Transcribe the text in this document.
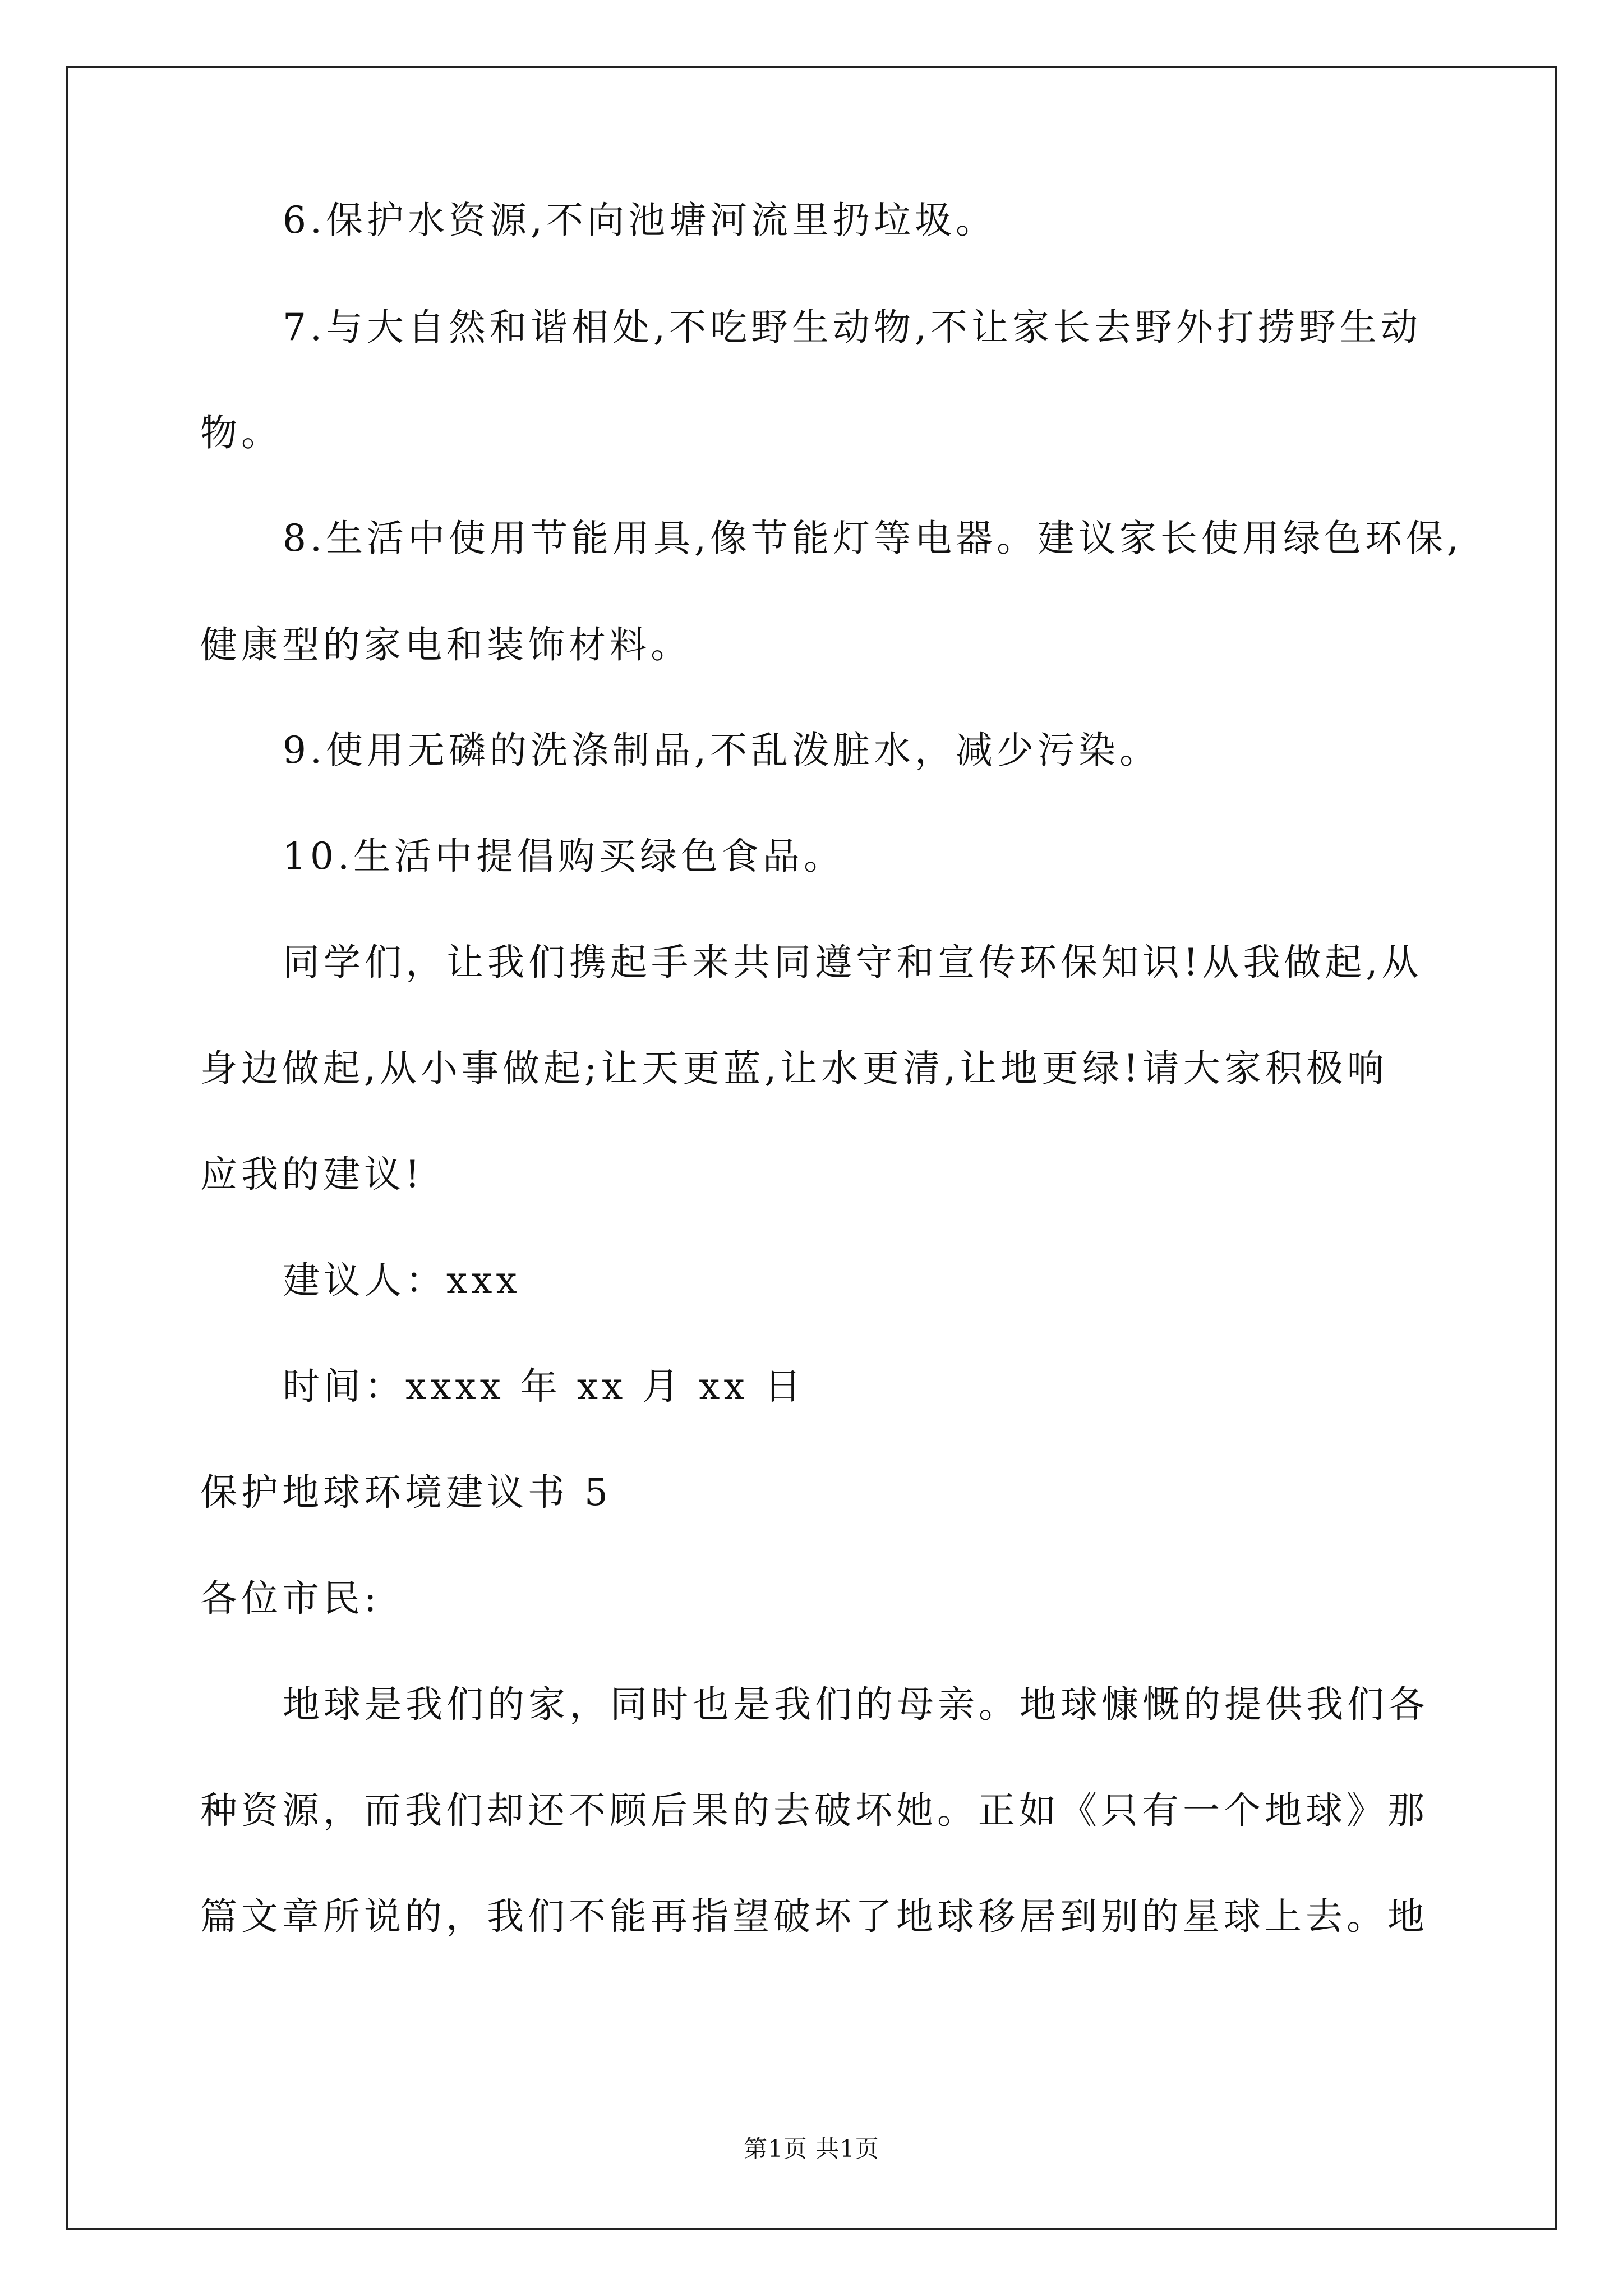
6.保护水资源,不向池塘河流里扔垃圾。
7.与大自然和谐相处,不吃野生动物,不让家长去野外打捞野生动
物。
8.生活中使用节能用具,像节能灯等电器。建议家长使用绿色环保,
健康型的家电和装饰材料。
9.使用无磷的洗涤制品,不乱泼脏水，减少污染。
10.生活中提倡购买绿色食品。
同学们，让我们携起手来共同遵守和宣传环保知识!从我做起,从
身边做起,从小事做起;让天更蓝,让水更清,让地更绿!请大家积极响
应我的建议!
建议人：xxx
时间：xxxx 年 xx 月 xx 日
保护地球环境建议书 5
各位市民:
地球是我们的家，同时也是我们的母亲。地球慷慨的提供我们各
种资源，而我们却还不顾后果的去破坏她。正如《只有一个地球》那
篇文章所说的，我们不能再指望破坏了地球移居到别的星球上去。地
第1页 共1页
